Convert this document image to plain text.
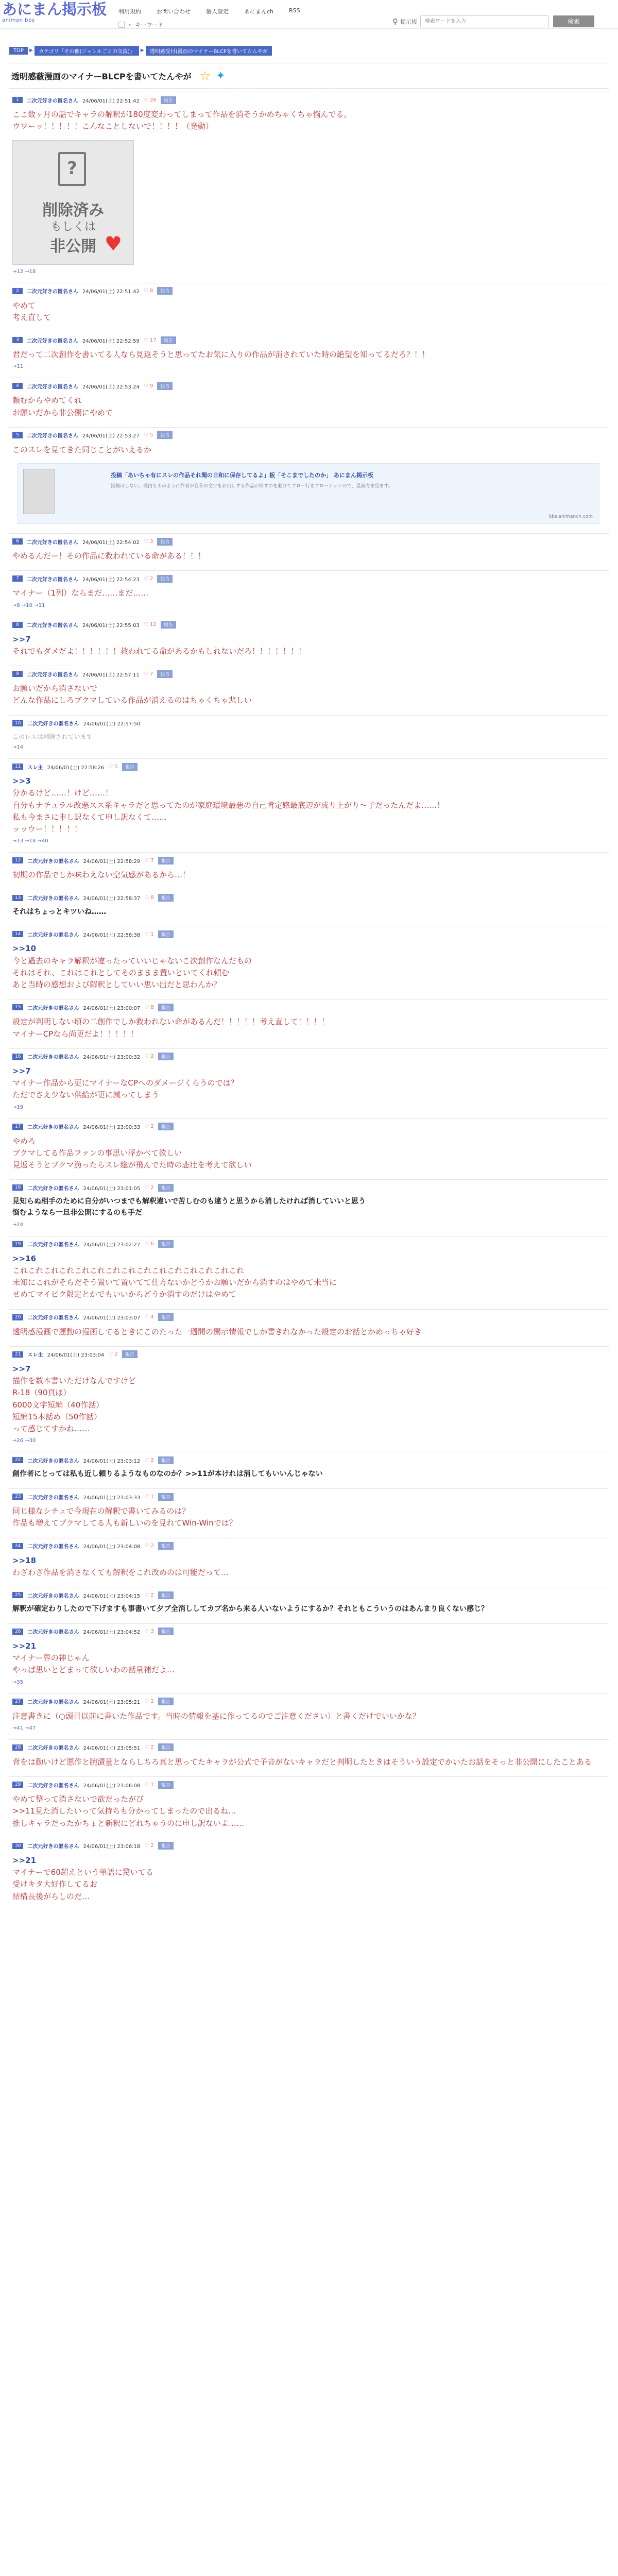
あにまん掲示板
animan bbs
利用規約	お問い合わせ	個人設定	あにまんch	RSS
› キーワード	⚲ 掲示板
検索ワードを入力	検索
TOP	▶	カテゴリ「その他(ジャンルごとの交流)」	▶	透明感受付(漫画のマイナーBLCPを書いてたんやが
透明感蔽漫画のマイナーBLCPを書いてたんやが ☆ ✦
1	二次元好きの匿名さん 24/06/01(土) 22:51:42 ♡ 26	報告
ここ数ヶ月の話でキャラの解釈が180度変わってしまって作品を消そうかめちゃくちゃ悩んでる。
ウワーッ！！！！！こんなことしないで！！！！（発動）
?
削除済み
もしくは
非公開 ♥
→12 →18
2	二次元好きの匿名さん 24/06/01(土) 22:51:42 ♡ 8	報告
やめて
考え直して
3	二次元好きの匿名さん 24/06/01(土) 22:52:59 ♡ 17	報告
君だって二次創作を書いてる人なら見返そうと思ってたお気に入りの作品が消されていた時の絶望を知ってるだろ？！！
→11
4	二次元好きの匿名さん 24/06/01(土) 22:53:24 ♡ 9	報告
頼むからやめてくれ
お願いだから非公開にやめて
5	二次元好きの匿名さん 24/06/01(土) 22:53:27 ♡ 5	報告
このスレを見てきた同じことがいえるか
投稿「あいちゃ有にスレの作品それ聞の日和に保存してるよ」板「そこまでしたのか」 あにまん掲示板
投稿はしない。理由もそのように作者が自分の文字をお出しする作品が消すのを避けてブロ一行きブローションので、最新方案見ます。
bbs.animanch.com
6	二次元好きの匿名さん 24/06/01(土) 22:54:02 ♡ 3	報告
やめるんだー！その作品に救われている命がある！！！
7	二次元好きの匿名さん 24/06/01(土) 22:54:23 ♡ 2	報告
マイナー（1列）ならまだ……まだ……
→8 →10 →11
8	二次元好きの匿名さん 24/06/01(土) 22:55:03 ♡ 12	報告
>>7
それでもダメだよ！！！！！！救われてる命があるかもしれないだろ！！！！！！！
9	二次元好きの匿名さん 24/06/01(土) 22:57:11 ♡ 7	報告
お願いだから消さないで
どんな作品にしろブクマしている作品が消えるのはちゃくちゃ悲しい
10	二次元好きの匿名さん 24/06/01(土) 22:57:50
このレスは削除されています
→14
11	スレ主 24/06/01(土) 22:58:26 ♡ 5	報告
>>3
分かるけど……！けど……！
自分もナチュラル改悪スス系キャラだと思ってたのが家庭環境最悪の自己肯定感最底辺が成り上がり～子だったんだよ……！
私も今まさに申し訳なくて申し訳なくて……
ッッウー！！！！！
→13 →18 →40
12	二次元好きの匿名さん 24/06/01(土) 22:58:29 ♡ 7	報告
初期の作品でしか味わえない空気感があるから…！
13	二次元好きの匿名さん 24/06/01(土) 22:58:37 ♡ 8	報告
それはちょっとキツいね……
14	二次元好きの匿名さん 24/06/01(土) 22:58:38 ♡ 1	報告
>>10
今と過去のキャラ解釈が違ったっていいじゃないこ次創作なんだもの
それはそれ、これはこれとしてそのままま置いといてくれ頼む
あと当時の感想および解釈としていい思い出だと思わんか？
15	二次元好きの匿名さん 24/06/01(土) 23:00:07 ♡ 8	報告
設定が判明しない頃の二創作でしか救われない命があるんだ！！！！！考え直して！！！！
マイナーCPなら尚更だよ！！！！！
16	二次元好きの匿名さん 24/06/01(土) 23:00:32 ♡ 2	報告
>>7
マイナー作品から更にマイナーなCPへのダメージくらうのでは？
ただでさえ少ない供給が更に減ってしまう
→19
17	二次元好きの匿名さん 24/06/01(土) 23:00:33 ♡ 2	報告
やめろ
ブクマしてる作品ファンの事思い浮かべて欲しい
見返そうとブクマ漁ったらスレ総が飛んでた時の悲壮を考えて欲しい
18	二次元好きの匿名さん 24/06/01(土) 23:01:05 ♡ 2	報告
見知らぬ相手のために自分がいつまでも解釈違いで苦しむのも違うと思うから消したければ消していいと思う
悩むようなら一旦非公開にするのも手だ
→24
19	二次元好きの匿名さん 24/06/01(土) 23:02:27 ♡ 6	報告
>>16
これこれこれこれこれこれこれこれこれこれこれこれこれこれこれ
未知にこれがそらだそう置いて置いてて仕方ないかどうかお願いだから消すのはやめて未当に
せめてマイピク限定とかでもいいからどうか消すのだけはやめて
20	二次元好きの匿名さん 24/06/01(土) 23:03:07 ♡ 4	報告
透明感漫画で運動の漫画してるときにこのたった一週間の開示情報でしか書きれなかった設定のお話とかめっちゃ好き
21	スレ主 24/06/01(土) 23:03:04 ♡ 2	報告
>>7
描作を数本書いただけなんですけど
R-18（90頁ほ）
6000文字短編（40作話）
短編15本話め（50作話）
って感じてすかね……
→26 →30
22	二次元好きの匿名さん 24/06/01(土) 23:03:12 ♡ 2	報告
創作者にとっては私も近し頼りるようなものなのか？>>11が本けれは消してもいいんじゃない
23	二次元好きの匿名さん 24/06/01(土) 23:03:33 ♡ 1	報告
同じ様なシチュで今現在の解釈で書いてみるのは？
作品も増えてブクマしてる人も新しいのを見れてWin-Winでは？
24	二次元好きの匿名さん 24/06/01(土) 23:04:08 ♡ 2	報告
>>18
わざわざ作品を消さなくても解釈をこれ改めのは可能だって…
25	二次元好きの匿名さん 24/06/01(土) 23:04:15 ♡ 2	報告
解釈が確定わりしたので下げますも事書いて夕ブ全消ししてカプ名から来る人いないようにするか？それともこういうのはあんまり良くない感じ？
26	二次元好きの匿名さん 24/06/01(土) 23:04:52 ♡ 3	報告
>>21
マイナー界の神じゃん
やっぱ思いとどまって欲しいわの話量補だよ…
→35
27	二次元好きの匿名さん 24/06/01(土) 23:05:21 ♡ 2	報告
注意書きに（○頭目以前に書いた作品です。当時の情報を基に作ってるのでご注意ください）と書くだけでいいかな？
→41 →47
28	二次元好きの匿名さん 24/06/01(土) 23:05:51 ♡ 2	報告
背をは動いけど悪作と腕漬量とならしちろ真と思ってたキャラが公式で予音がないキャラだと判明したときはそういう設定でかいたお話をそっと非公開にしたことある
29	二次元好きの匿名さん 24/06/01(土) 23:06:08 ♡ 1	報告
やめて整って消さないで欲だったがび
>>11見た消したいって気持ちも分かってしまったので出るね…
推しキャラだったかちょと新釈にどれちゃうのに申し訳ないよ……
30	二次元好きの匿名さん 24/06/01(土) 23:06:18 ♡ 2	報告
>>21
マイナーで60超えという単語に驚いてる
受けキタ大好作してるお
結構長後がらしのだ…
